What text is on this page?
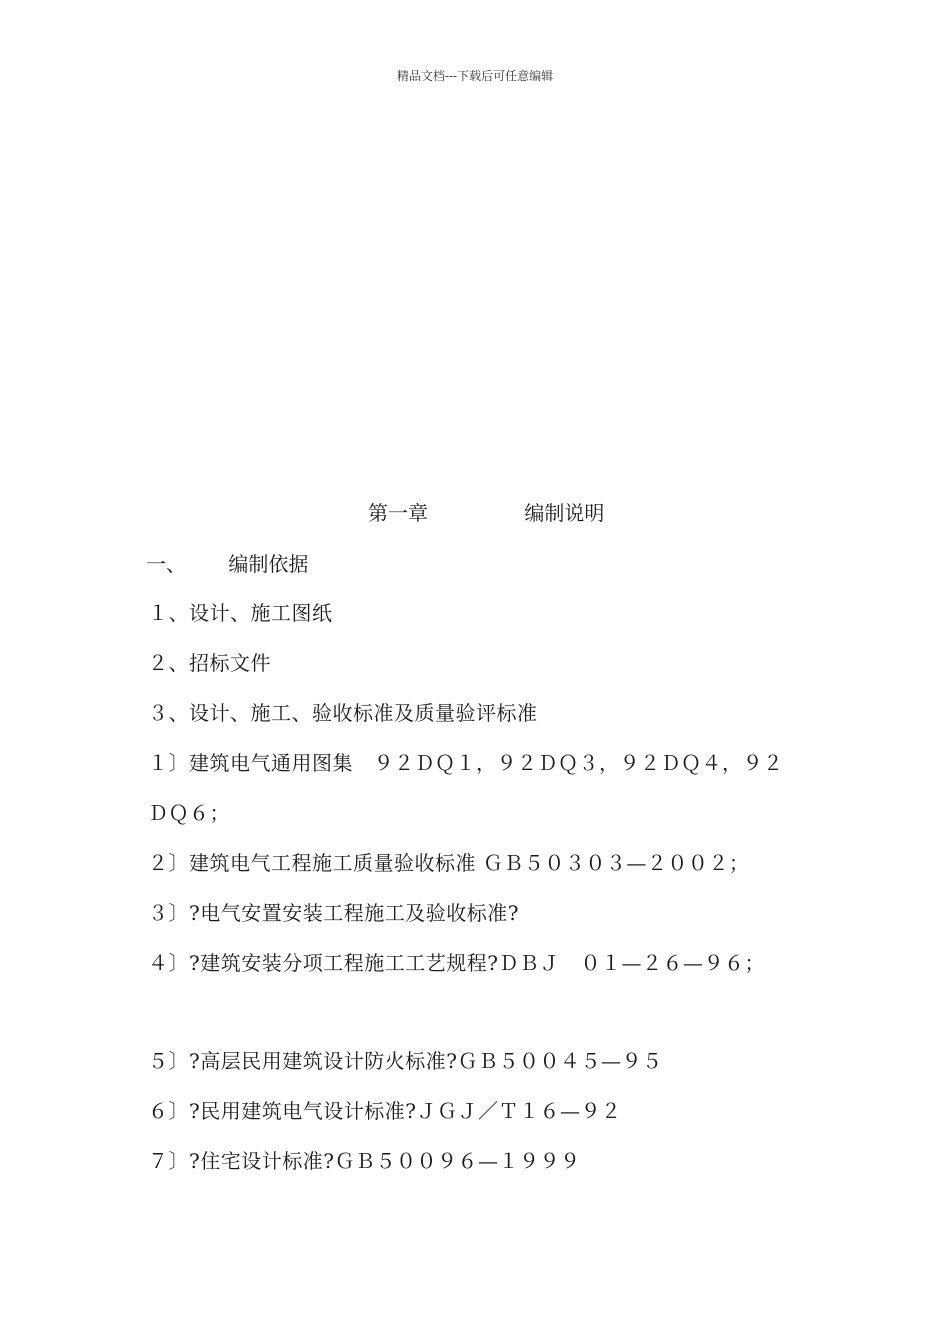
精品文档---下载后可任意编辑
第一章	编制说明
一、 编制依据
１、设计、施工图纸
２、招标文件
３、设计、施工、验收标准及质量验评标准
１〕建筑电气通用图集　９２ＤＱ１，９２ＤＱ３，９２ＤＱ４，９２
ＤＱ６；
２〕建筑电气工程施工质量验收标准 ＧＢ５０３０３—２００２；
３〕?电气安置安装工程施工及验收标准?
４〕?建筑安装分项工程施工工艺规程?ＤＢＪ　０１—２６—９６；
５〕?高层民用建筑设计防火标准?ＧＢ５００４５—９５
６〕?民用建筑电气设计标准?ＪＧＪ／Ｔ１６—９２
７〕?住宅设计标准?ＧＢ５００９６—１９９９
